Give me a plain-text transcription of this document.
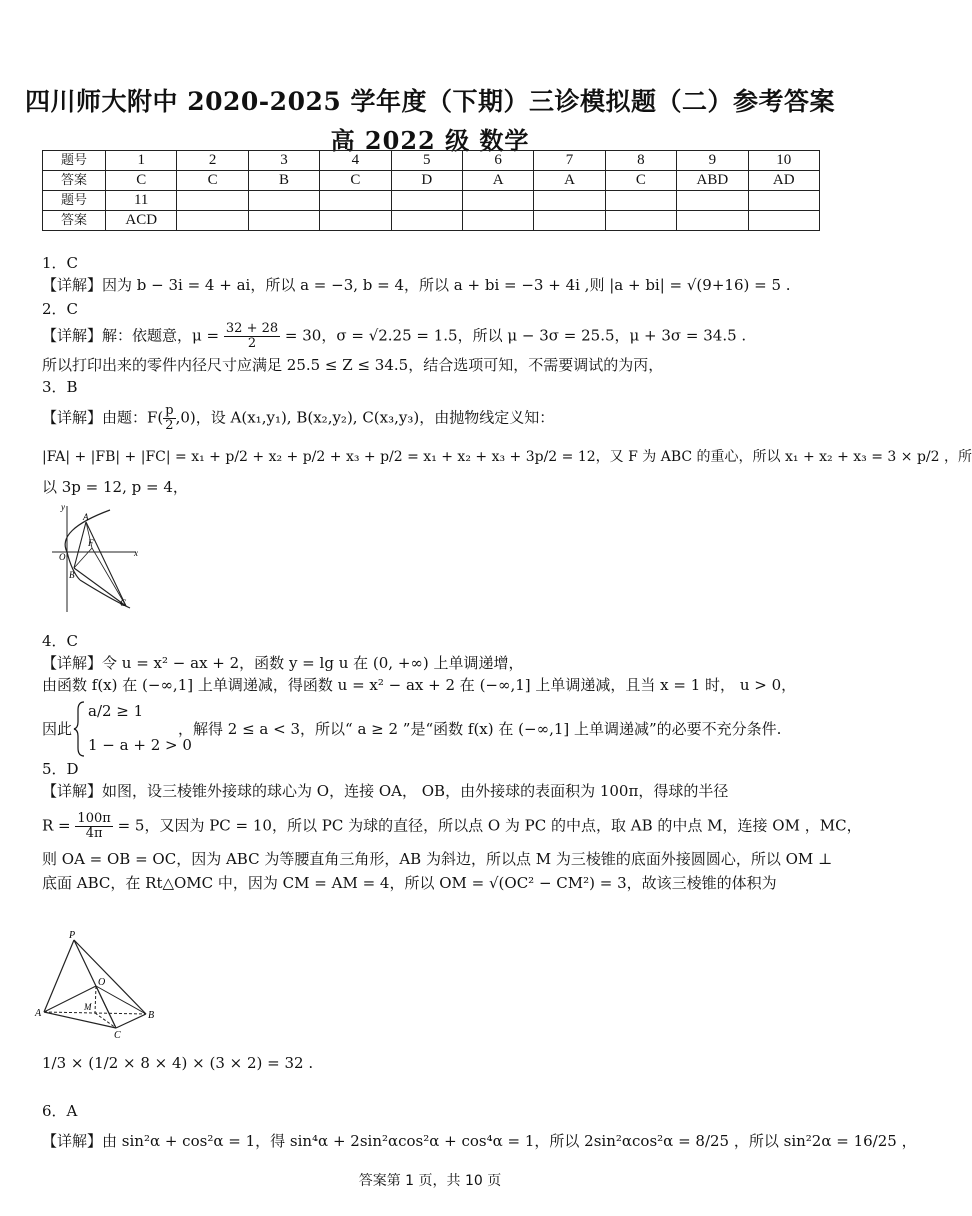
四川师大附中 2020-2025 学年度（下期）三诊模拟题（二）参考答案
高 2022 级 数学
题号	1	2	3	4	5	6	7	8	9	10
答案	C	C	B	C	D	A	A	C	ABD	AD
题号	11									
答案	ACD									
1．C
【详解】因为 b − 3i = 4 + ai，所以 a = −3, b = 4，所以 a + bi = −3 + 4i ,则 |a + bi| = √(9+16) = 5 .
2．C
【详解】解：依题意，$\mu = \frac{32 + 28}{2} = 30$，σ = √2.25 = 1.5，所以 μ − 3σ = 25.5，μ + 3σ = 34.5 .
所以打印出来的零件内径尺寸应满足 25.5 ≤ Z ≤ 34.5，结合选项可知，不需要调试的为丙，
3．B
【详解】由题：$F( \frac{p}{2} ,0)$，设 A(x₁,y₁), B(x₂,y₂), C(x₃,y₃)，由抛物线定义知：
|FA| + |FB| + |FC| = x₁ + p/2 + x₂ + p/2 + x₃ + p/2 = x₁ + x₂ + x₃ + 3p/2 = 12，又 F 为 ABC 的重心，所以 x₁ + x₂ + x₃ = 3 × p/2 ，所
以 3p = 12, p = 4，
y
A
O
F
x
B
C
4．C
【详解】令 u = x² − ax + 2，函数 y = lg u 在 (0, +∞) 上单调递增，
由函数 f(x) 在 (−∞,1] 上单调递减，得函数 u = x² − ax + 2 在 (−∞,1] 上单调递减，且当 x = 1 时， u > 0，
因此
a/2 ≥ 1
1 − a + 2 > 0
，解得 2 ≤ a < 3，所以“ a ≥ 2 ”是“函数 f(x) 在 (−∞,1] 上单调递减”的必要不充分条件.
5．D
【详解】如图，设三棱锥外接球的球心为 O，连接 OA， OB，由外接球的表面积为 100π，得球的半径
$R = \frac{100\pi}{4\pi} = 5$，又因为 PC = 10，所以 PC 为球的直径，所以点 O 为 PC 的中点，取 AB 的中点 M，连接 OM ，MC，
则 OA = OB = OC，因为 ABC 为等腰直角三角形，AB 为斜边，所以点 M 为三棱锥的底面外接圆圆心，所以 OM ⊥
底面 ABC，在 Rt△OMC 中，因为 CM = AM = 4，所以 OM = √(OC² − CM²) = 3，故该三棱锥的体积为
P
O
M
A	B
C
1/3 × (1/2 × 8 × 4) × (3 × 2) = 32 .
6．A
【详解】由 sin²α + cos²α = 1，得 sin⁴α + 2sin²αcos²α + cos⁴α = 1，所以 2sin²αcos²α = 8/25 ，所以 sin²2α = 16/25 ，
答案第 1 页，共 10 页
